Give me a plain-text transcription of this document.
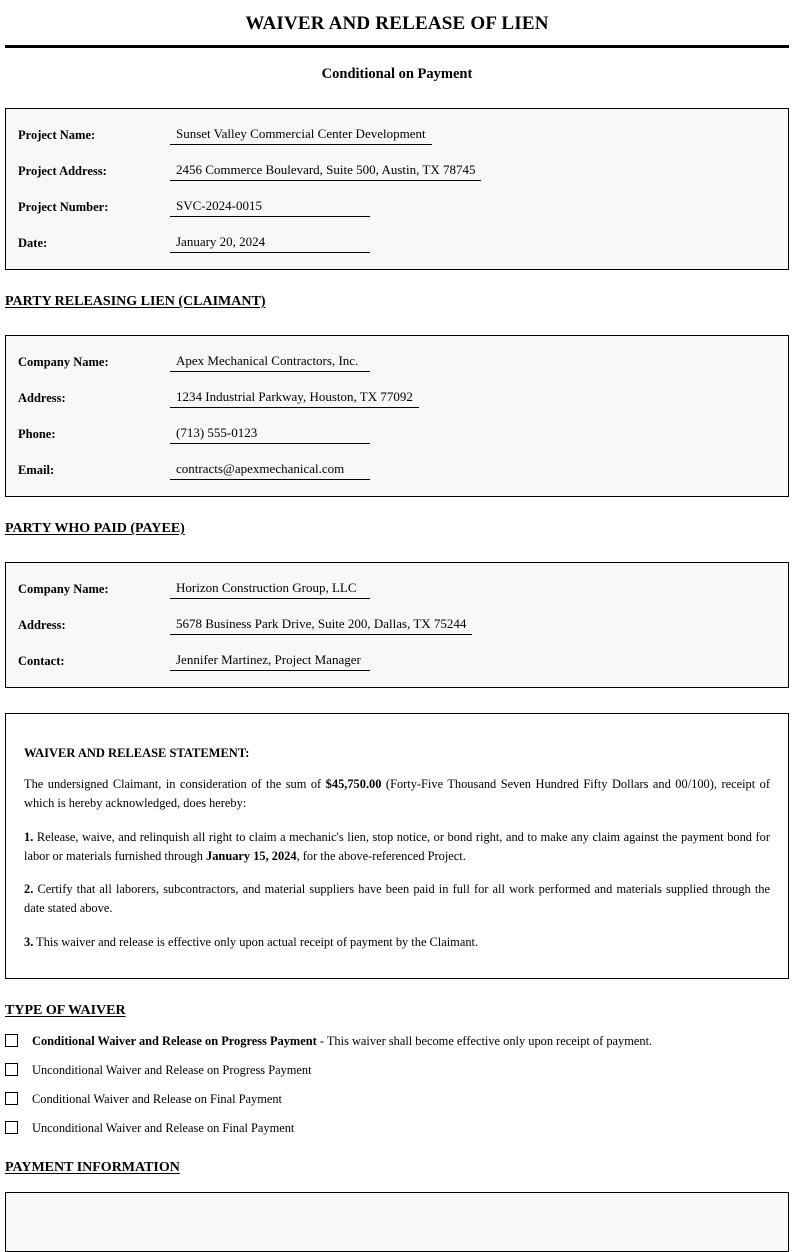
WAIVER AND RELEASE OF LIEN
Conditional on Payment
Project Name:	Sunset Valley Commercial Center Development
Project Address:	2456 Commerce Boulevard, Suite 500, Austin, TX 78745
Project Number:	SVC-2024-0015
Date:	January 20, 2024
PARTY RELEASING LIEN (CLAIMANT)
Company Name:	Apex Mechanical Contractors, Inc.
Address:	1234 Industrial Parkway, Houston, TX 77092
Phone:	(713) 555-0123
Email:	contracts@apexmechanical.com
PARTY WHO PAID (PAYEE)
Company Name:	Horizon Construction Group, LLC
Address:	5678 Business Park Drive, Suite 200, Dallas, TX 75244
Contact:	Jennifer Martinez, Project Manager
WAIVER AND RELEASE STATEMENT:

The undersigned Claimant, in consideration of the sum of $45,750.00 (Forty-Five Thousand Seven Hundred Fifty Dollars and 00/100), receipt of which is hereby acknowledged, does hereby:

1. Release, waive, and relinquish all right to claim a mechanic's lien, stop notice, or bond right, and to make any claim against the payment bond for labor or materials furnished through January 15, 2024, for the above-referenced Project.

2. Certify that all laborers, subcontractors, and material suppliers have been paid in full for all work performed and materials supplied through the date stated above.

3. This waiver and release is effective only upon actual receipt of payment by the Claimant.

TYPE OF WAIVER
Conditional Waiver and Release on Progress Payment - This waiver shall become effective only upon receipt of payment.
Unconditional Waiver and Release on Progress Payment
Conditional Waiver and Release on Final Payment
Unconditional Waiver and Release on Final Payment
PAYMENT INFORMATION
